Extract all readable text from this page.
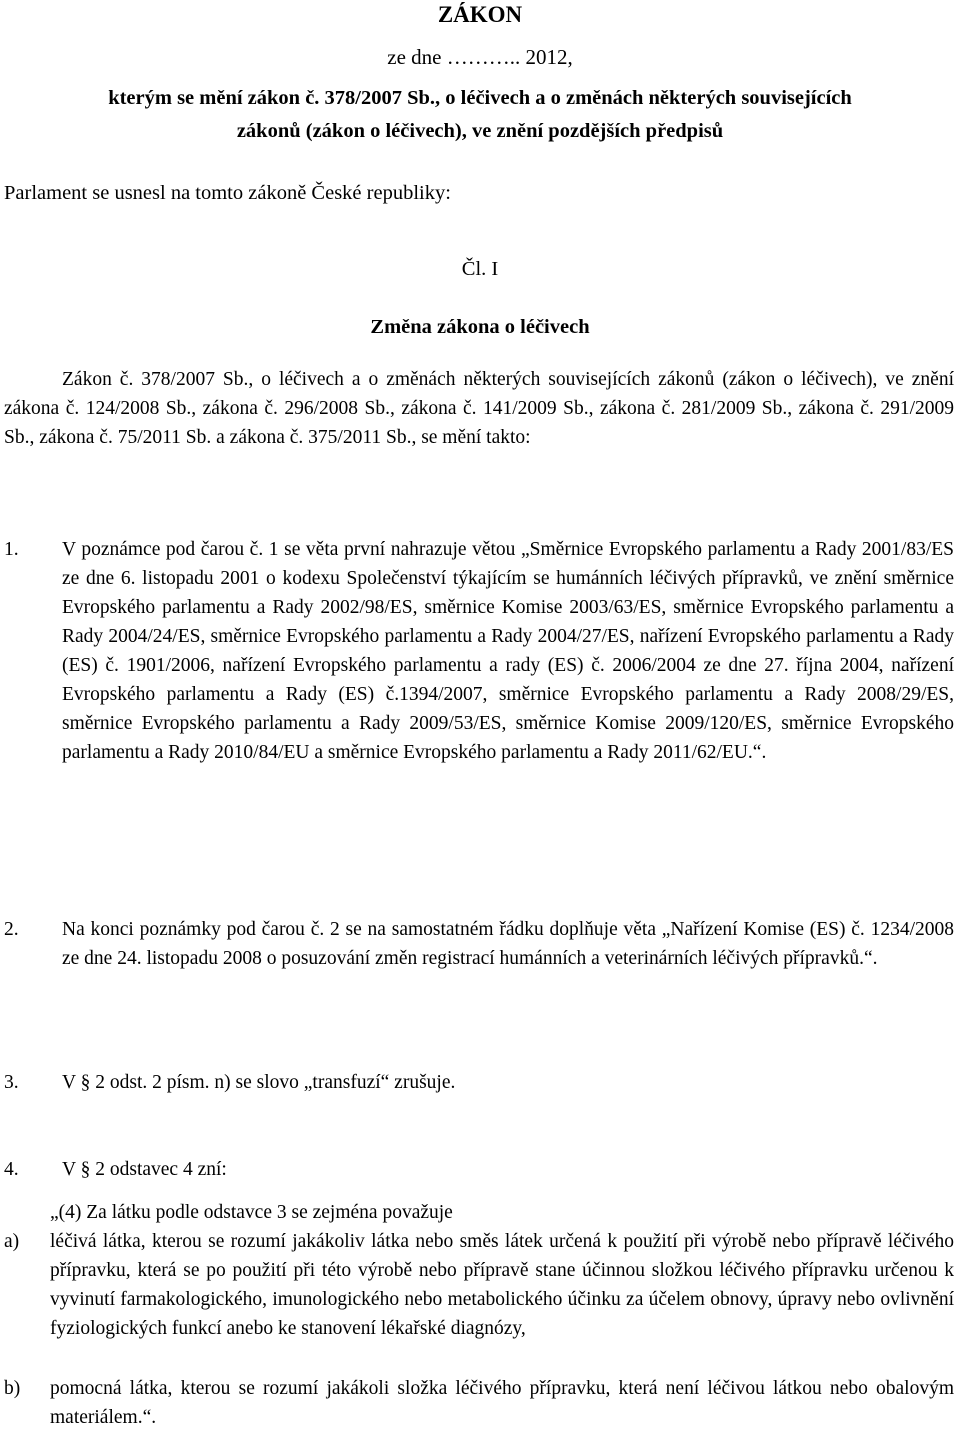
ZÁKON
ze dne ……….. 2012,
kterým se mění zákon č. 378/2007 Sb., o léčivech a o změnách některých souvisejících
zákonů (zákon o léčivech), ve znění pozdějších předpisů
Parlament se usnesl na tomto zákoně České republiky:
Čl. I
Změna zákona o léčivech
Zákon č. 378/2007 Sb., o léčivech a o změnách některých souvisejících zákonů (zákon o léčivech), ve znění zákona č. 124/2008 Sb., zákona č. 296/2008 Sb., zákona č. 141/2009 Sb., zákona č. 281/2009 Sb., zákona č. 291/2009 Sb., zákona č. 75/2011 Sb. a zákona č. 375/2011 Sb., se mění takto:
1. V poznámce pod čarou č. 1 se věta první nahrazuje větou „Směrnice Evropského parlamentu a Rady 2001/83/ES ze dne 6. listopadu 2001 o kodexu Společenství týkajícím se humánních léčivých přípravků, ve znění směrnice Evropského parlamentu a Rady 2002/98/ES, směrnice Komise 2003/63/ES, směrnice Evropského parlamentu a Rady 2004/24/ES, směrnice Evropského parlamentu a Rady 2004/27/ES, nařízení Evropského parlamentu a Rady (ES) č. 1901/2006, nařízení Evropského parlamentu a rady (ES) č. 2006/2004 ze dne 27. října 2004, nařízení Evropského parlamentu a Rady (ES) č.1394/2007, směrnice Evropského parlamentu a Rady 2008/29/ES, směrnice Evropského parlamentu a Rady 2009/53/ES, směrnice Komise 2009/120/ES, směrnice Evropského parlamentu a Rady 2010/84/EU a směrnice Evropského parlamentu a Rady 2011/62/EU.“.
2. Na konci poznámky pod čarou č. 2 se na samostatném řádku doplňuje věta „Nařízení Komise (ES) č. 1234/2008 ze dne 24. listopadu 2008 o posuzování změn registrací humánních a veterinárních léčivých přípravků.“.
3. V § 2 odst. 2 písm. n) se slovo „transfuzí“ zrušuje.
4. V § 2 odstavec 4 zní:
„(4) Za látku podle odstavce 3 se zejména považuje
a) léčivá látka, kterou se rozumí jakákoliv látka nebo směs látek určená k použití při výrobě nebo přípravě léčivého přípravku, která se po použití při této výrobě nebo přípravě stane účinnou složkou léčivého přípravku určenou k vyvinutí farmakologického, imunologického nebo metabolického účinku za účelem obnovy, úpravy nebo ovlivnění fyziologických funkcí anebo ke stanovení lékařské diagnózy,
b) pomocná látka, kterou se rozumí jakákoli složka léčivého přípravku, která není léčivou látkou nebo obalovým materiálem.“.
